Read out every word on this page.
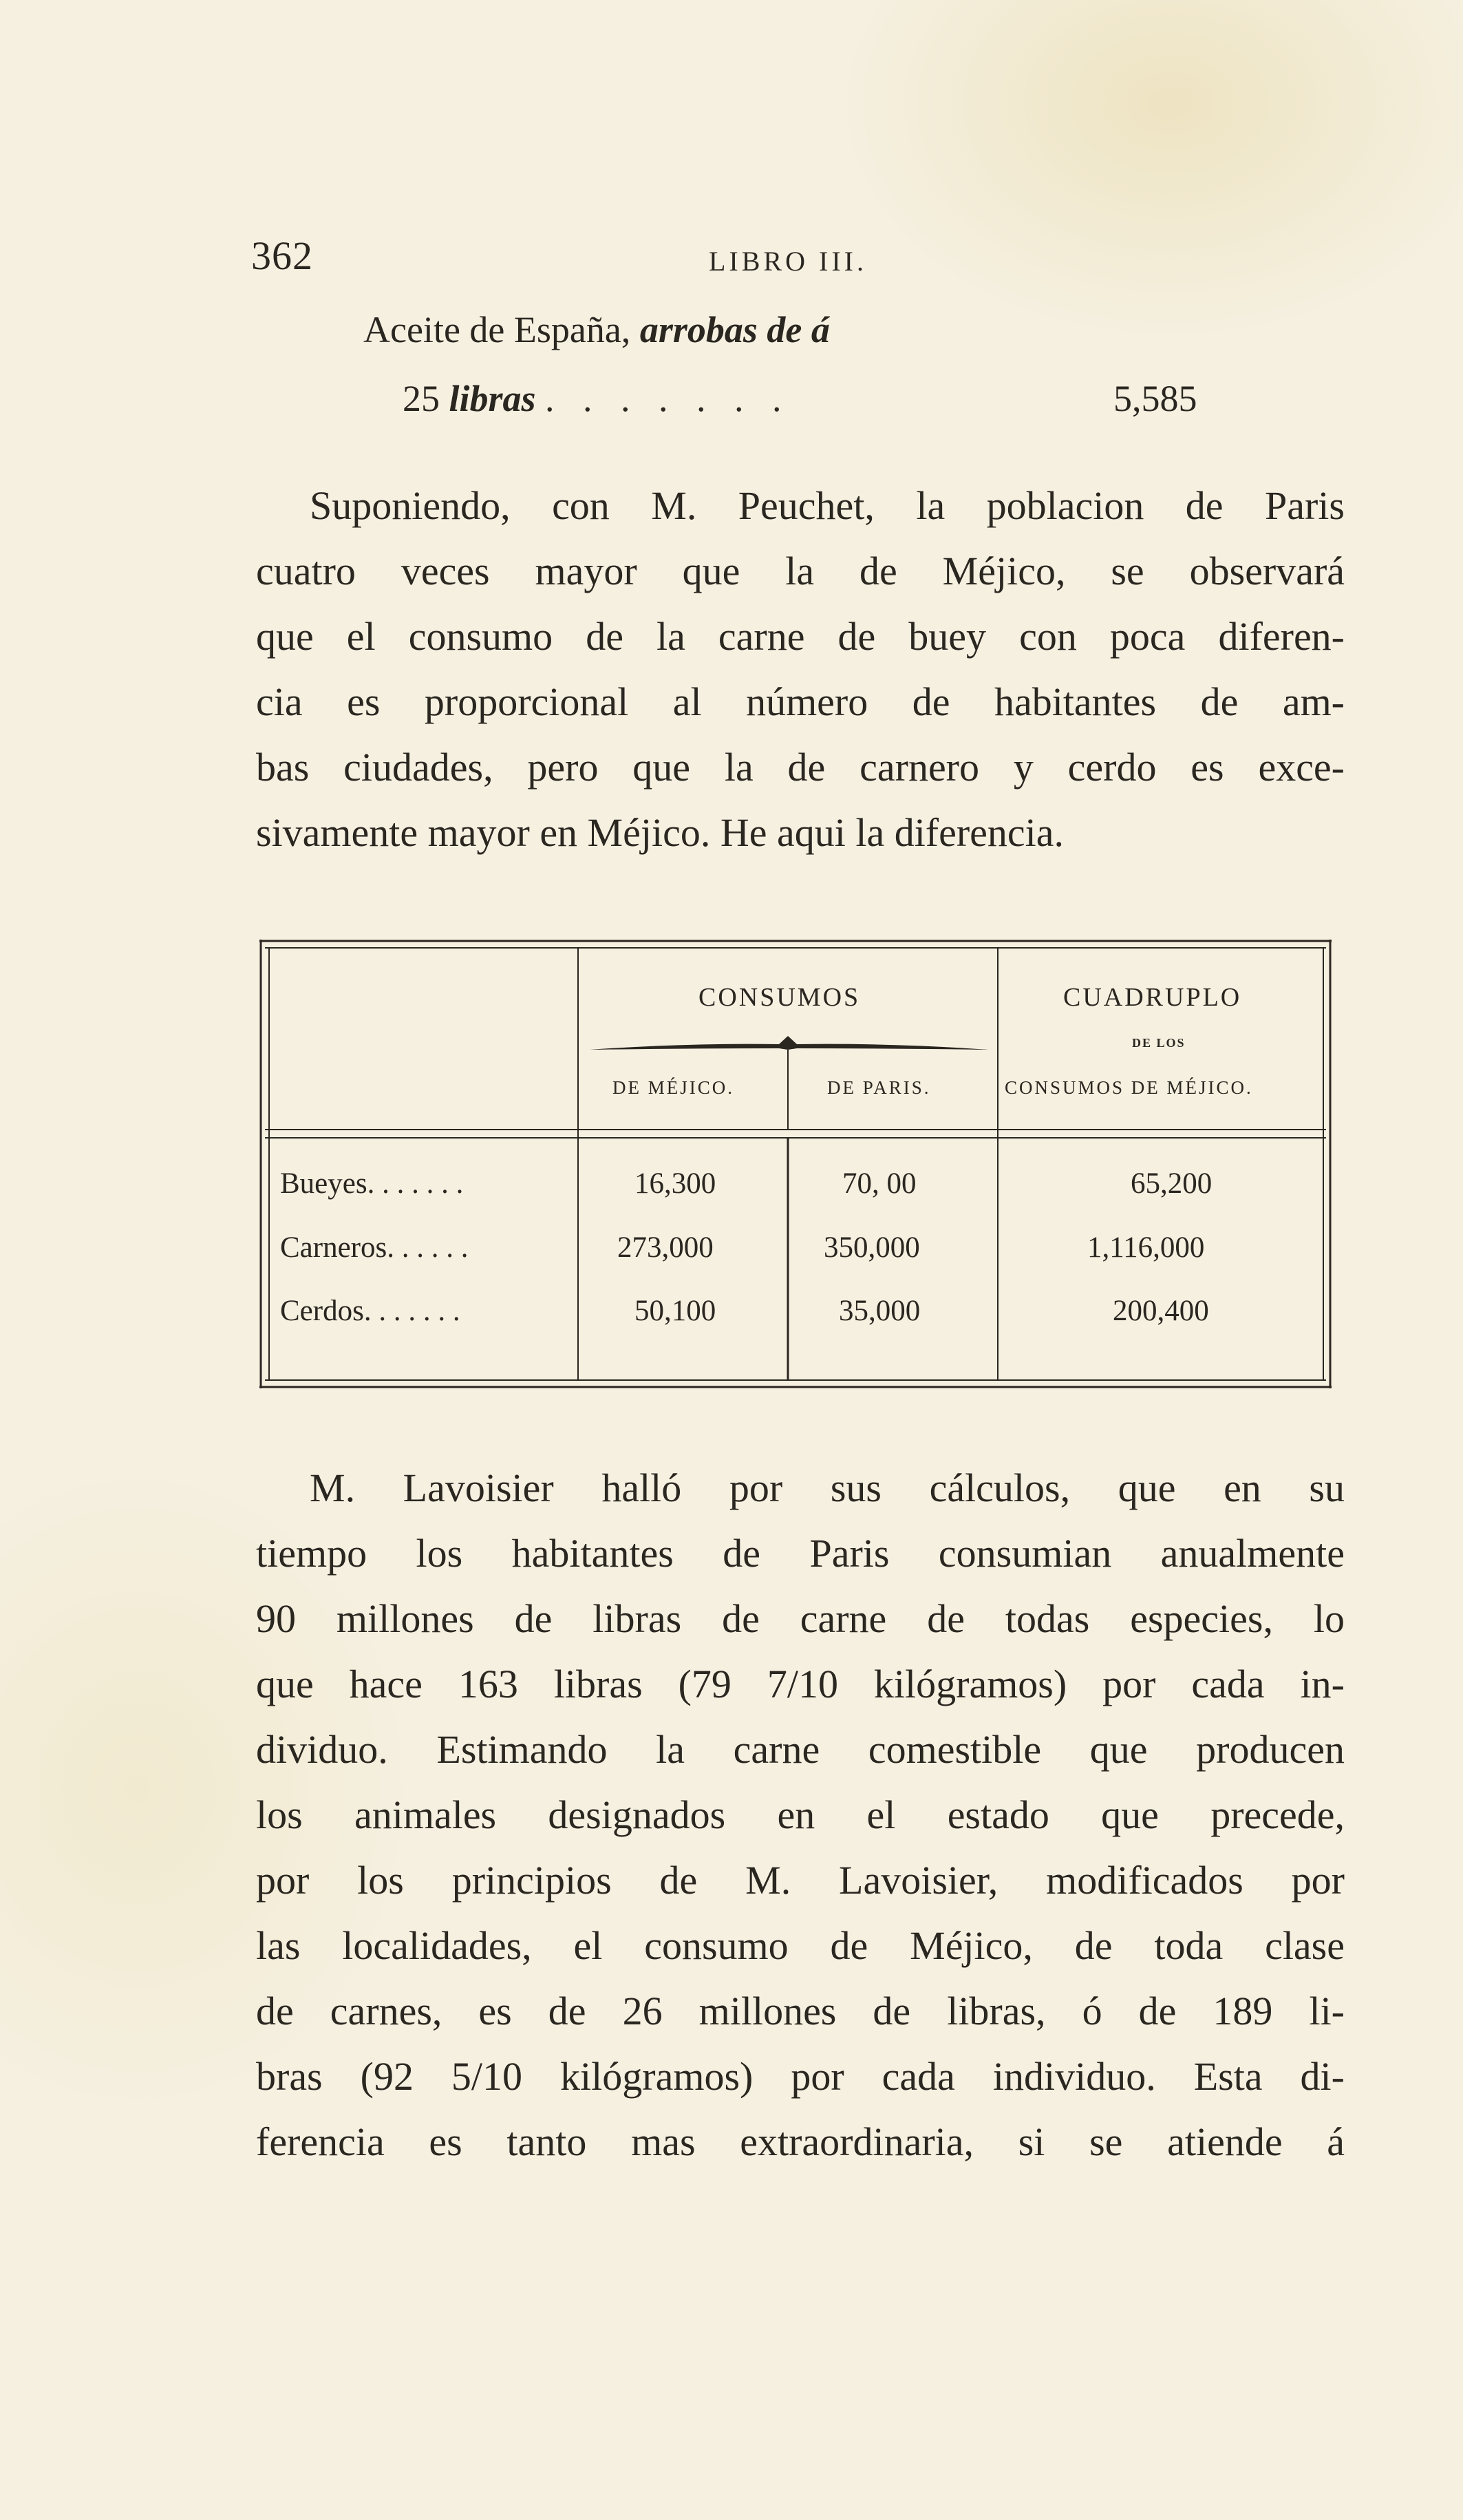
362	LIBRO III.
Aceite de España, arrobas de á
25 libras . . . . . . .	5,585
Suponiendo, con M. Peuchet, la poblacion de Paris
cuatro veces mayor que la de Méjico, se observará
que el consumo de la carne de buey con poca diferen-
cia es proporcional al número de habitantes de am-
bas ciudades, pero que la de carnero y cerdo es exce-
sivamente mayor en Méjico. He aqui la diferencia.
CONSUMOS
DE MÉJICO.	DE PARIS.
CUADRUPLO
DE LOS
CONSUMOS DE MÉJICO.
Bueyes. . . . . . .	16,300	70, 00	65,200
Carneros. . . . . .	273,000	350,000	1,116,000
Cerdos. . . . . . .	50,100	35,000	200,400
M. Lavoisier halló por sus cálculos, que en su
tiempo los habitantes de Paris consumian anualmente
90 millones de libras de carne de todas especies, lo
que hace 163 libras (79 7/10 kilógramos) por cada in-
dividuo. Estimando la carne comestible que producen
los animales designados en el estado que precede,
por los principios de M. Lavoisier, modificados por
las localidades, el consumo de Méjico, de toda clase
de carnes, es de 26 millones de libras, ó de 189 li-
bras (92 5/10 kilógramos) por cada individuo. Esta di-
ferencia es tanto mas extraordinaria, si se atiende á
